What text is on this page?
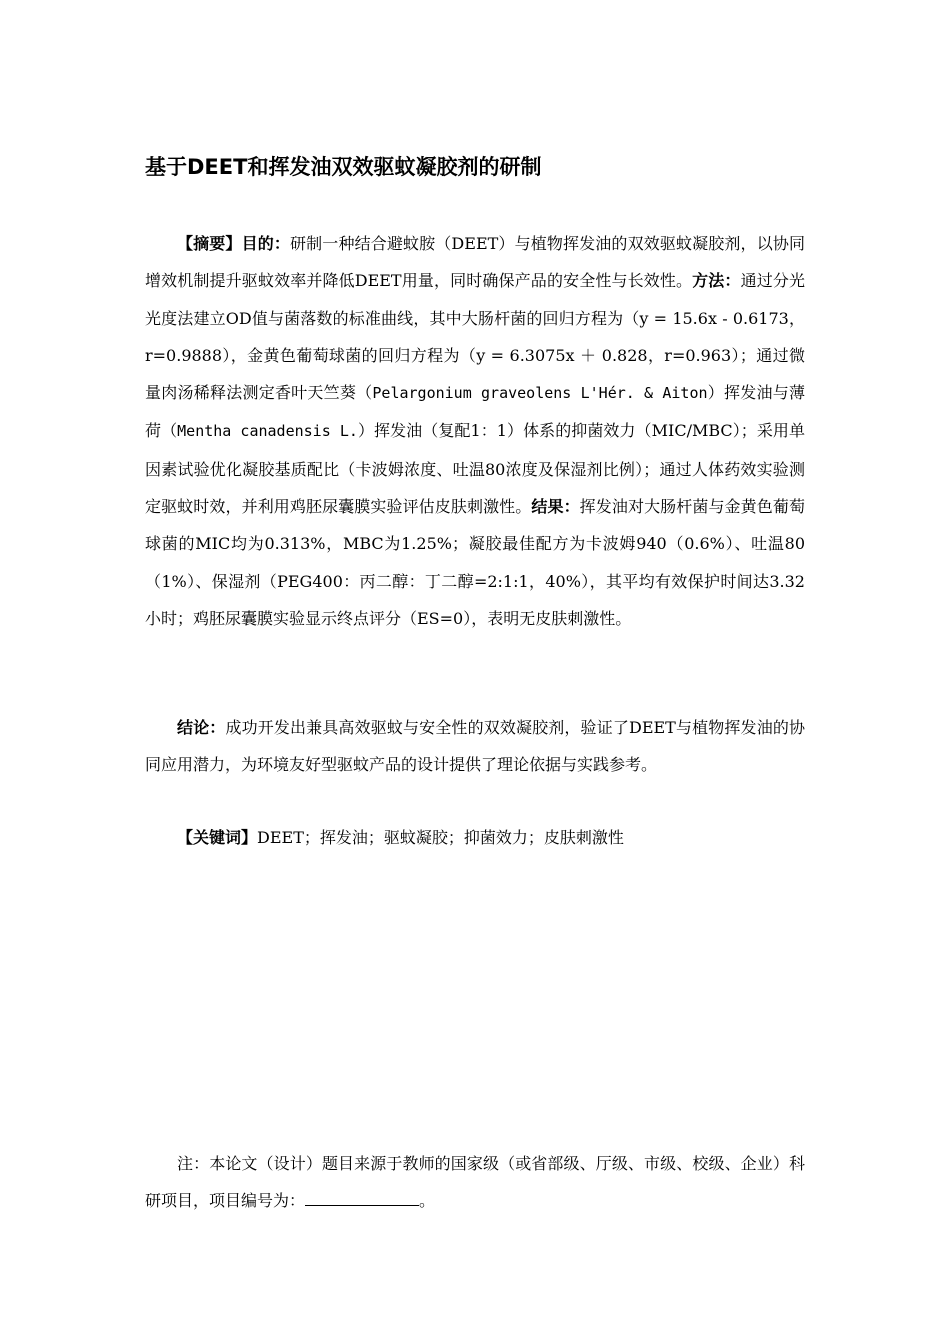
基于DEET和挥发油双效驱蚊凝胶剂的研制
【摘要】目的：研制一种结合避蚊胺（DEET）与植物挥发油的双效驱蚊凝胶剂，以协同增效机制提升驱蚊效率并降低DEET用量，同时确保产品的安全性与长效性。方法：通过分光光度法建立OD值与菌落数的标准曲线，其中大肠杆菌的回归方程为（y = 15.6x - 0.6173，r=0.9888），金黄色葡萄球菌的回归方程为（y = 6.3075x ＋ 0.828，r=0.963）；通过微量肉汤稀释法测定香叶天竺葵（Pelargonium graveolens L'Hér. & Aiton）挥发油与薄荷（Mentha canadensis L.）挥发油（复配1：1）体系的抑菌效力（MIC/MBC）；采用单因素试验优化凝胶基质配比（卡波姆浓度、吐温80浓度及保湿剂比例）；通过人体药效实验测定驱蚊时效，并利用鸡胚尿囊膜实验评估皮肤刺激性。结果：挥发油对大肠杆菌与金黄色葡萄球菌的MIC均为0.313%，MBC为1.25%；凝胶最佳配方为卡波姆940（0.6%）、吐温80（1%）、保湿剂（PEG400：丙二醇：丁二醇=2:1:1，40%），其平均有效保护时间达3.32小时；鸡胚尿囊膜实验显示终点评分（ES=0），表明无皮肤刺激性。
结论：成功开发出兼具高效驱蚊与安全性的双效凝胶剂，验证了DEET与植物挥发油的协同应用潜力，为环境友好型驱蚊产品的设计提供了理论依据与实践参考。
【关键词】DEET；挥发油；驱蚊凝胶；抑菌效力；皮肤刺激性
注：本论文（设计）题目来源于教师的国家级（或省部级、厅级、市级、校级、企业）科研项目，项目编号为：	。
